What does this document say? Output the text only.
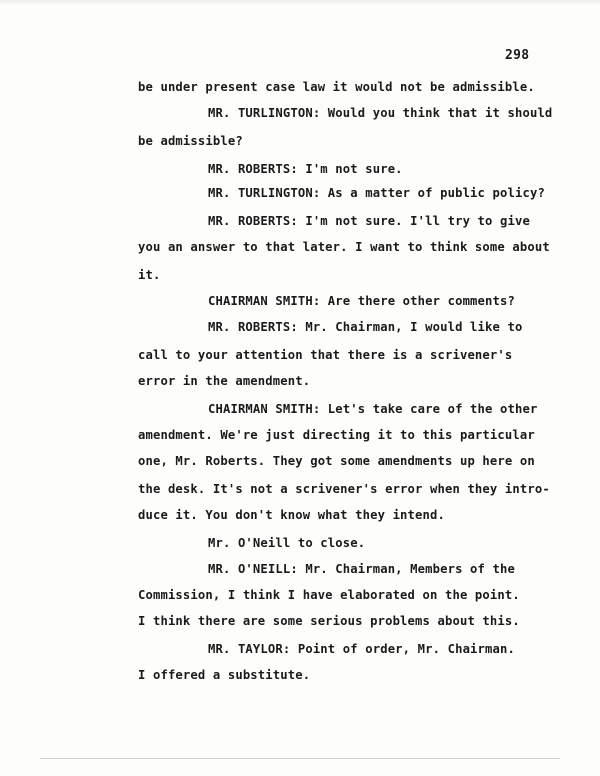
298
be under present case law it would not be admissible.
MR. TURLINGTON: Would you think that it should
be admissible?
MR. ROBERTS: I'm not sure.
MR. TURLINGTON: As a matter of public policy?
MR. ROBERTS: I'm not sure. I'll try to give
you an answer to that later. I want to think some about
it.
CHAIRMAN SMITH: Are there other comments?
MR. ROBERTS: Mr. Chairman, I would like to
call to your attention that there is a scrivener's
error in the amendment.
CHAIRMAN SMITH: Let's take care of the other
amendment. We're just directing it to this particular
one, Mr. Roberts. They got some amendments up here on
the desk. It's not a scrivener's error when they intro-
duce it. You don't know what they intend.
Mr. O'Neill to close.
MR. O'NEILL: Mr. Chairman, Members of the
Commission, I think I have elaborated on the point.
I think there are some serious problems about this.
MR. TAYLOR: Point of order, Mr. Chairman.
I offered a substitute.
